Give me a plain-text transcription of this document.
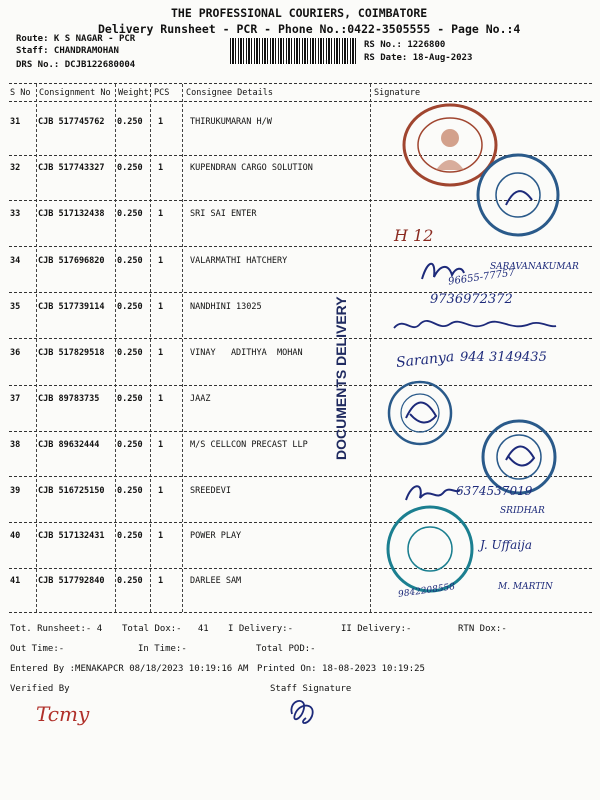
THE PROFESSIONAL COURIERS, COIMBATORE
Delivery Runsheet - PCR - Phone No.:0422-3505555 - Page No.:4
Route: K S NAGAR - PCR
Staff: CHANDRAMOHAN
DRS No.: DCJB122680004
RS No.: 1226800
RS Date: 18-Aug-2023
S No Consignment No Weight PCS Consignee Details	Signature
31 CJB 517745762 0.250 1	THIRUKUMARAN H/W
32 CJB 517743327 0.250 1	KUPENDRAN CARGO SOLUTION
33 CJB 517132438 0.250 1	SRI SAI ENTER
34 CJB 517696820 0.250 1	VALARMATHI HATCHERY
35 CJB 517739114 0.250 1	NANDHINI 13025
36 CJB 517829518 0.250 1	VINAY   ADITHYA  MOHAN
37 CJB 89783735 0.250 1	JAAZ
38 CJB 89632444 0.250 1	M/S CELLCON PRECAST LLP
39 CJB 516725150 0.250 1	SREEDEVI
40 CJB 517132431 0.250 1	POWER PLAY
41 CJB 517792840 0.250 1	DARLEE SAM
DOCUMENTS DELIVERY
H 12
96655-77757
SARAVANAKUMAR
9736972372
Saranya 944 3149435
6374537019
SRIDHAR
J. Uffaija
9842208558	M. MARTIN
Tot. Runsheet:- 4 Total Dox:-   41 I Delivery:-	II Delivery:-	RTN Dox:-
Out Time:-	In Time:-	Total POD:-
Entered By :MENAKAPCR 08/18/2023 10:19:16 AM Printed On: 18-08-2023 10:19:25
Verified By	Staff Signature
Tcmy
